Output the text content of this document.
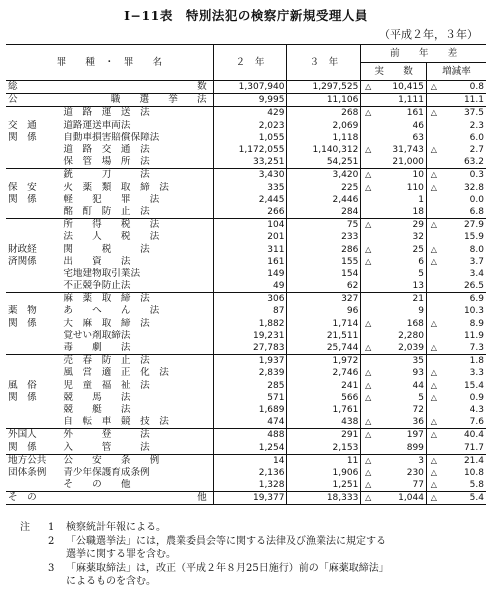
I−11表　特別法犯の検察庁新規受理人員
（平成２年，３年）
罪　　種　・　罪　　名		２　年	３　年	前　　年　　差			
				実　　数		増減率	
総	数	1,307,940	1,297,525	△	10,415	△	0.8
公	職　　選　　挙　　法	9,995	11,106		1,111		11.1
	道　路　運　送　法	429	268	△	161	△	37.5
交　通	道路運送車両法	2,023	2,069		46		2.3
関　係	自動車損害賠償保障法	1,055	1,118		63		6.0
	道　路　交　通　法	1,172,055	1,140,312	△	31,743	△	2.7
	保　管　場　所　法	33,251	54,251		21,000		63.2
	銃　　　刀　　　法	3,430	3,420	△	10	△	0.3
保　安	火　薬　類　取　締　法	335	225	△	110	△	32.8
関　係	軽　　犯　　罪　　法	2,445	2,446		1		0.0
	酩　酊　防　止　法	266	284		18		6.8
	所　　得　　税　　法	104	75	△	29	△	27.9
	法　　人　　税　　法	201	233		32		15.9
財政経	関　　　税　　　法	311	286	△	25	△	8.0
済関係	出　　資　　法	161	155	△	6	△	3.7
	宅地建物取引業法	149	154		5		3.4
	不正競争防止法	49	62		13		26.5
	麻　薬　取　締　法	306	327		21		6.9
薬　物	あ　　へ　　ん　　法	87	96		9		10.3
関　係	大　麻　取　締　法	1,882	1,714	△	168	△	8.9
	覚せい剤取締法	19,231	21,511		2,280		11.9
	毒　　劇　　法	27,783	25,744	△	2,039	△	7.3
	売　春　防　止　法	1,937	1,972		35		1.8
	風　営　適　正　化　法	2,839	2,746	△	93	△	3.3
風　俗	児　童　福　祉　法	285	241	△	44	△	15.4
関　係	競　　馬　　法	571	566	△	5	△	0.9
	競　　艇　　法	1,689	1,761		72		4.3
	自　転　車　競　技　法	474	438	△	36	△	7.6
外国人	外　　　登　　　法	488	291	△	197	△	40.4
関　係	入　　　管　　　法	1,254	2,153		899		71.7
地方公共	公　　安　　条　　例	14	11	△	3	△	21.4
団体条例	青少年保護育成条例	2,136	1,906	△	230	△	10.8
	そ　　の　　他	1,328	1,251	△	77	△	5.8
そ　の	他	19,377	18,333	△	1,044	△	5.4
注	1	検察統計年報による。
2	「公職選挙法」には，農業委員会等に関する法律及び漁業法に規定する
選挙に関する罪を含む。
3	「麻薬取締法」は，改正（平成２年８月25日施行）前の「麻薬取締法」
によるものを含む。
